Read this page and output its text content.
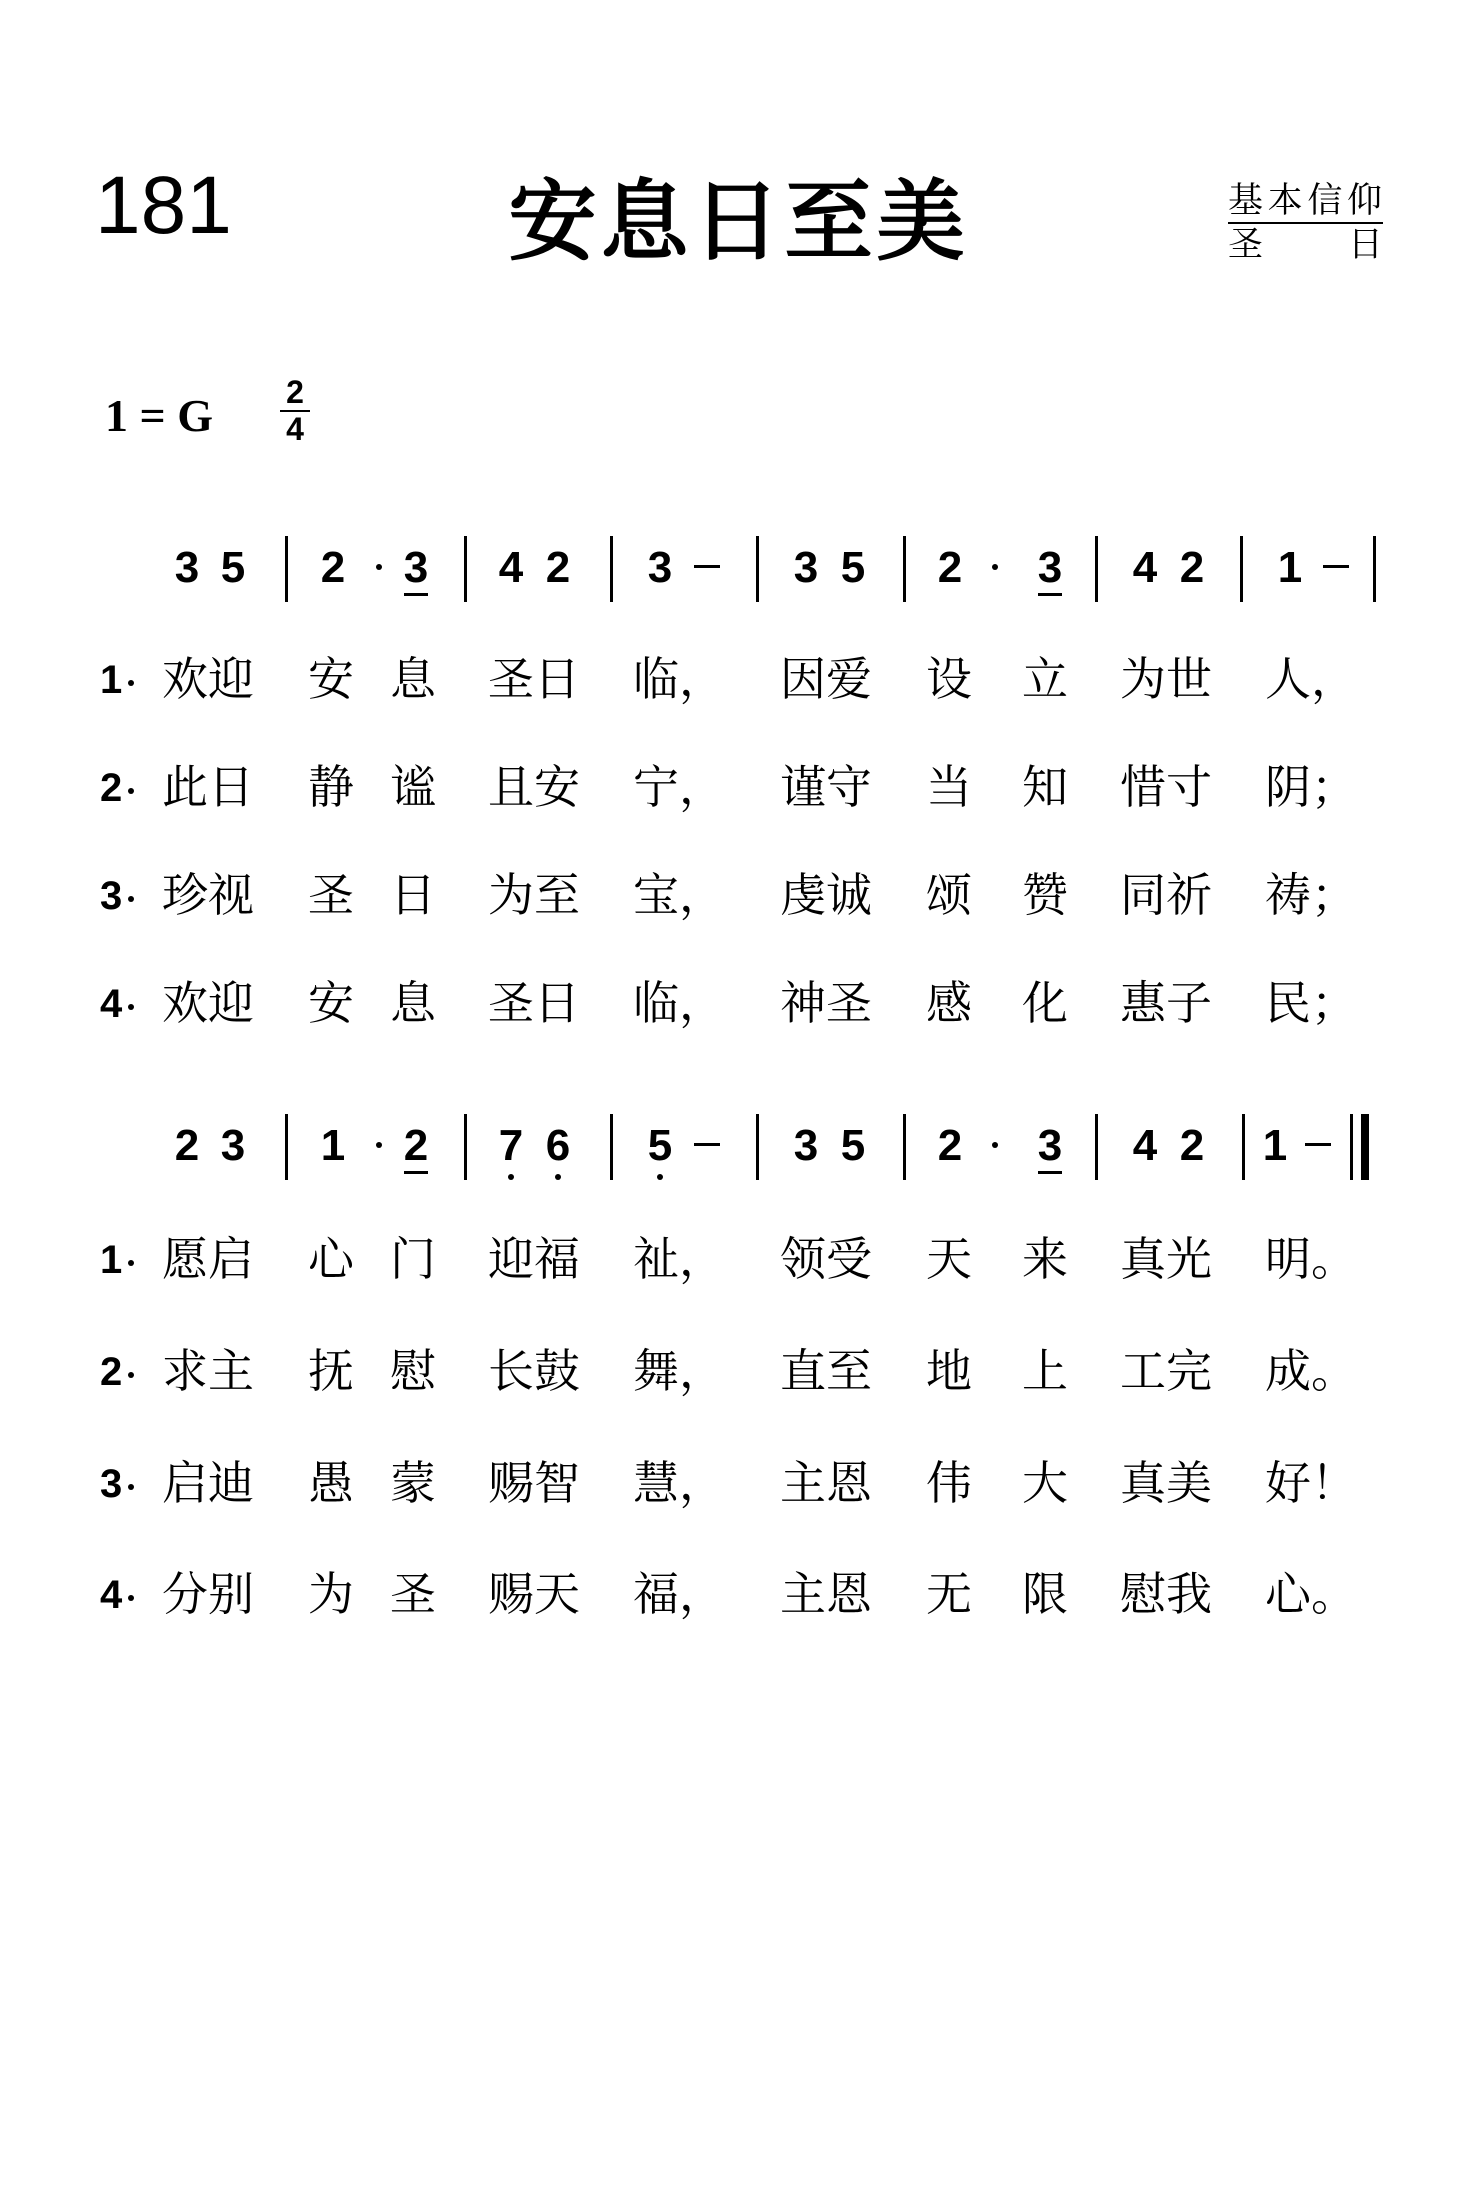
181	安息日至美	基本信仰
圣 日
1 = G 2
4
3 5 2 3 4 2 3	3 5 2 3 4 2 1
1 欢迎 安 息 圣日 临， 因爱 设 立 为世 人，
2 此日 静 谧 且安 宁， 谨守 当 知 惜寸 阴；
3 珍视 圣 日 为至 宝， 虔诚 颂 赞 同祈 祷；
4 欢迎 安 息 圣日 临， 神圣 感 化 惠子 民；
2 3 1 2 7 6 5	3 5 2 3 4 2 1
1 愿启 心 门 迎福 祉， 领受 天 来 真光 明。
2 求主 抚 慰 长鼓 舞， 直至 地 上 工完 成。
3 启迪 愚 蒙 赐智 慧， 主恩 伟 大 真美 好！
4 分别 为 圣 赐天 福， 主恩 无 限 慰我 心。
